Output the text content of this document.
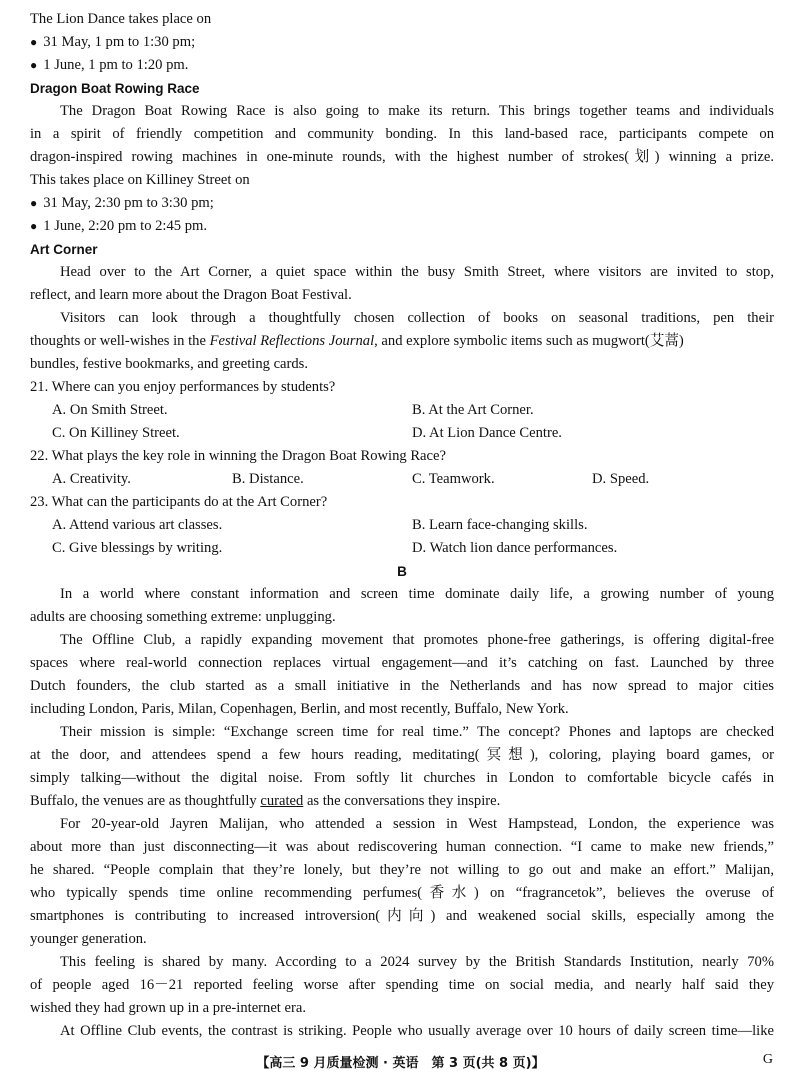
The Lion Dance takes place on
● 31 May, 1 pm to 1:30 pm;
● 1 June, 1 pm to 1:20 pm.
Dragon Boat Rowing Race
The Dragon Boat Rowing Race is also going to make its return. This brings together teams and individuals
in a spirit of friendly competition and community bonding. In this land-based race, participants compete on
dragon-inspired rowing machines in one-minute rounds, with the highest number of strokes(划) winning a prize.
This takes place on Killiney Street on
● 31 May, 2:30 pm to 3:30 pm;
● 1 June, 2:20 pm to 2:45 pm.
Art Corner
Head over to the Art Corner, a quiet space within the busy Smith Street, where visitors are invited to stop,
reflect, and learn more about the Dragon Boat Festival.
Visitors can look through a thoughtfully chosen collection of books on seasonal traditions, pen their
thoughts or well-wishes in the Festival Reflections Journal, and explore symbolic items such as mugwort(艾蒿)
bundles, festive bookmarks, and greeting cards.
21. Where can you enjoy performances by students?
A. On Smith Street.	B. At the Art Corner.
C. On Killiney Street.	D. At Lion Dance Centre.
22. What plays the key role in winning the Dragon Boat Rowing Race?
A. Creativity.	B. Distance.	C. Teamwork.	D. Speed.
23. What can the participants do at the Art Corner?
A. Attend various art classes.	B. Learn face-changing skills.
C. Give blessings by writing.	D. Watch lion dance performances.
B
In a world where constant information and screen time dominate daily life, a growing number of young
adults are choosing something extreme: unplugging.
The Offline Club, a rapidly expanding movement that promotes phone-free gatherings, is offering digital-free
spaces where real-world connection replaces virtual engagement—and it’s catching on fast. Launched by three
Dutch founders, the club started as a small initiative in the Netherlands and has now spread to major cities
including London, Paris, Milan, Copenhagen, Berlin, and most recently, Buffalo, New York.
Their mission is simple: “Exchange screen time for real time.” The concept? Phones and laptops are checked
at the door, and attendees spend a few hours reading, meditating(冥想), coloring, playing board games, or
simply talking—without the digital noise. From softly lit churches in London to comfortable bicycle cafés in
Buffalo, the venues are as thoughtfully curated as the conversations they inspire.
For 20-year-old Jayren Malijan, who attended a session in West Hampstead, London, the experience was
about more than just disconnecting—it was about rediscovering human connection. “I came to make new friends,”
he shared. “People complain that they’re lonely, but they’re not willing to go out and make an effort.” Malijan,
who typically spends time online recommending perfumes(香水) on “fragrancetok”, believes the overuse of
smartphones is contributing to increased introversion(内向) and weakened social skills, especially among the
younger generation.
This feeling is shared by many. According to a 2024 survey by the British Standards Institution, nearly 70%
of people aged 16－21 reported feeling worse after spending time on social media, and nearly half said they
wished they had grown up in a pre-internet era.
At Offline Club events, the contrast is striking. People who usually average over 10 hours of daily screen time—like
【高三 9 月质量检测 · 英语　第 3 页(共 8 页)】	G
